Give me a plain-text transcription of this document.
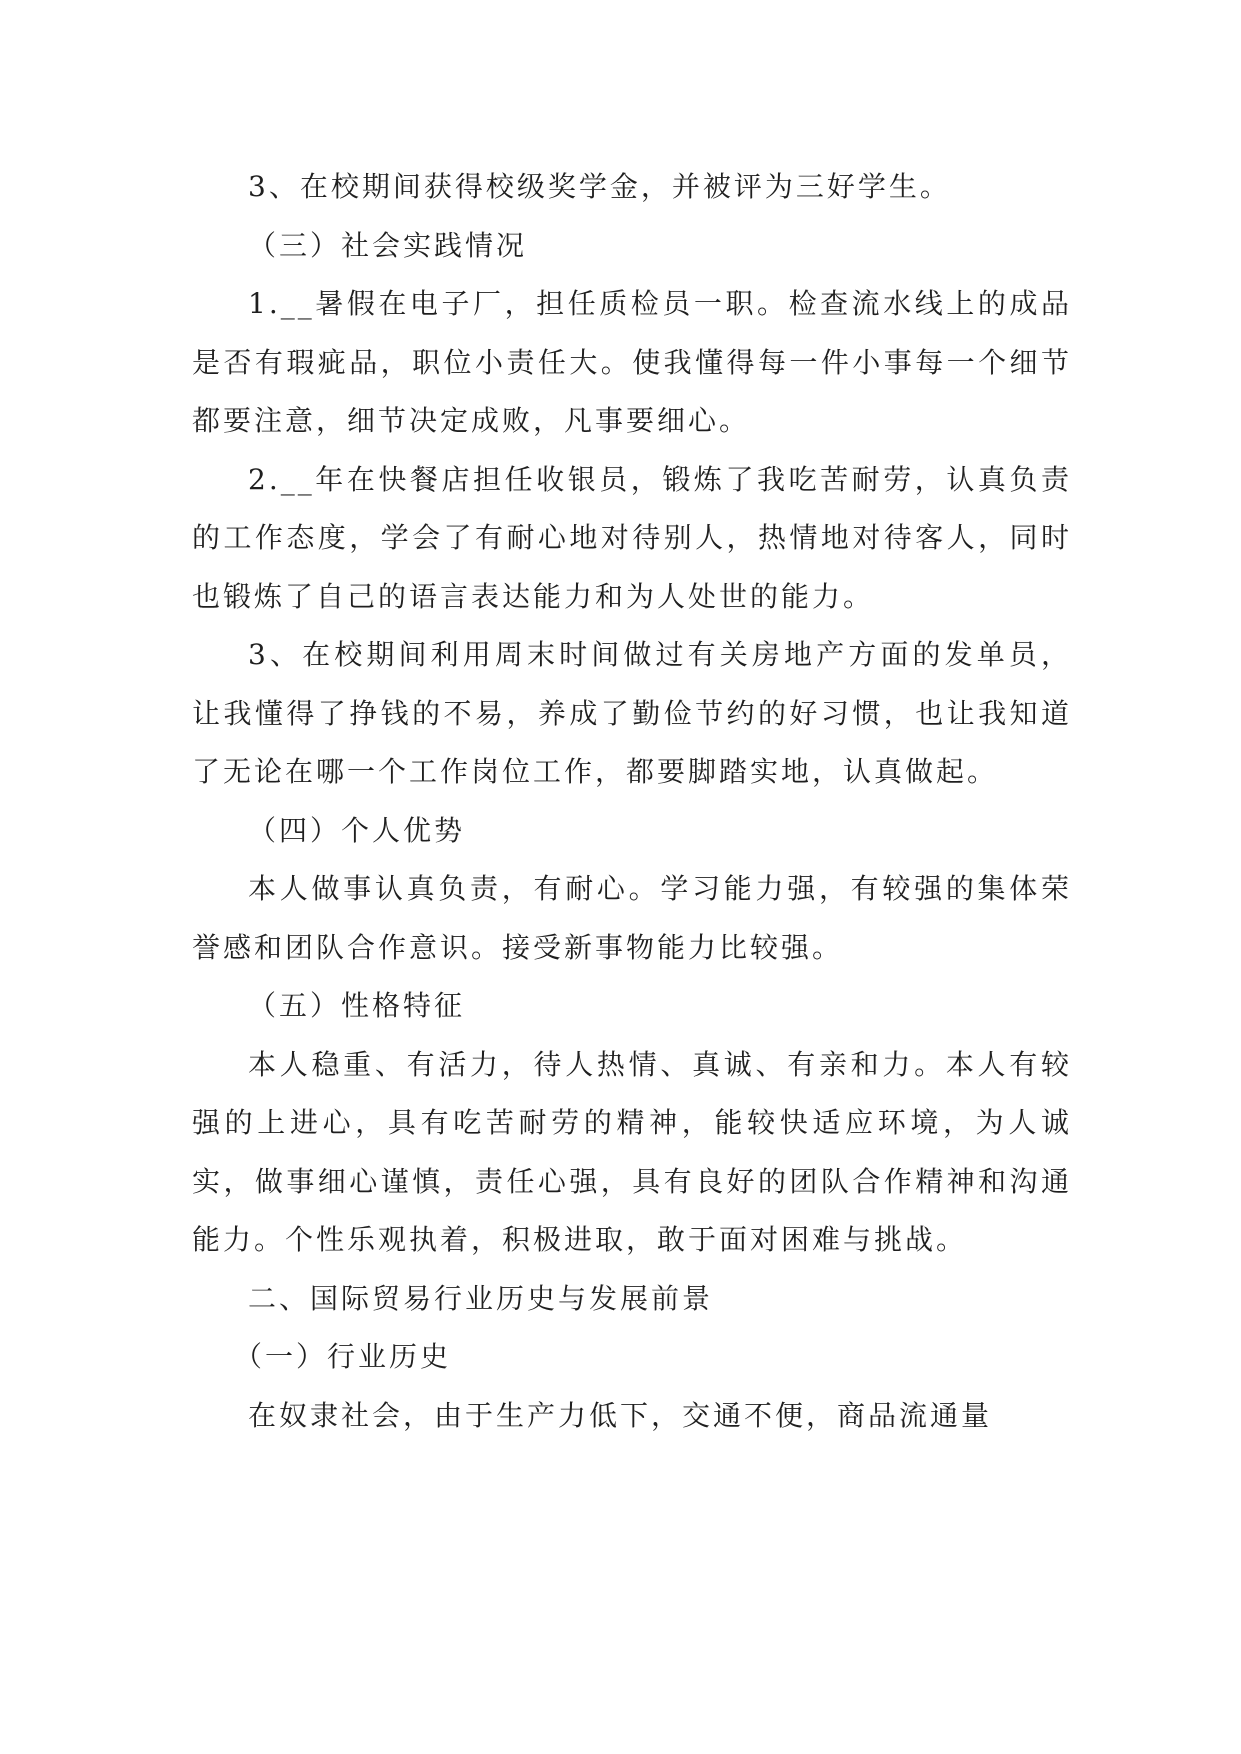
3、在校期间获得校级奖学金，并被评为三好学生。

（三）社会实践情况

1.__暑假在电子厂，担任质检员一职。检查流水线上的成品是否有瑕疵品，职位小责任大。使我懂得每一件小事每一个细节都要注意，细节决定成败，凡事要细心。

2.__年在快餐店担任收银员，锻炼了我吃苦耐劳，认真负责的工作态度，学会了有耐心地对待别人，热情地对待客人，同时也锻炼了自己的语言表达能力和为人处世的能力。

3、在校期间利用周末时间做过有关房地产方面的发单员，让我懂得了挣钱的不易，养成了勤俭节约的好习惯，也让我知道了无论在哪一个工作岗位工作，都要脚踏实地，认真做起。

（四）个人优势

本人做事认真负责，有耐心。学习能力强，有较强的集体荣誉感和团队合作意识。接受新事物能力比较强。

（五）性格特征

本人稳重、有活力，待人热情、真诚、有亲和力。本人有较强的上进心，具有吃苦耐劳的精神，能较快适应环境，为人诚实，做事细心谨慎，责任心强，具有良好的团队合作精神和沟通能力。个性乐观执着，积极进取，敢于面对困难与挑战。

二、国际贸易行业历史与发展前景

（一）行业历史

在奴隶社会，由于生产力低下，交通不便，商品流通量
